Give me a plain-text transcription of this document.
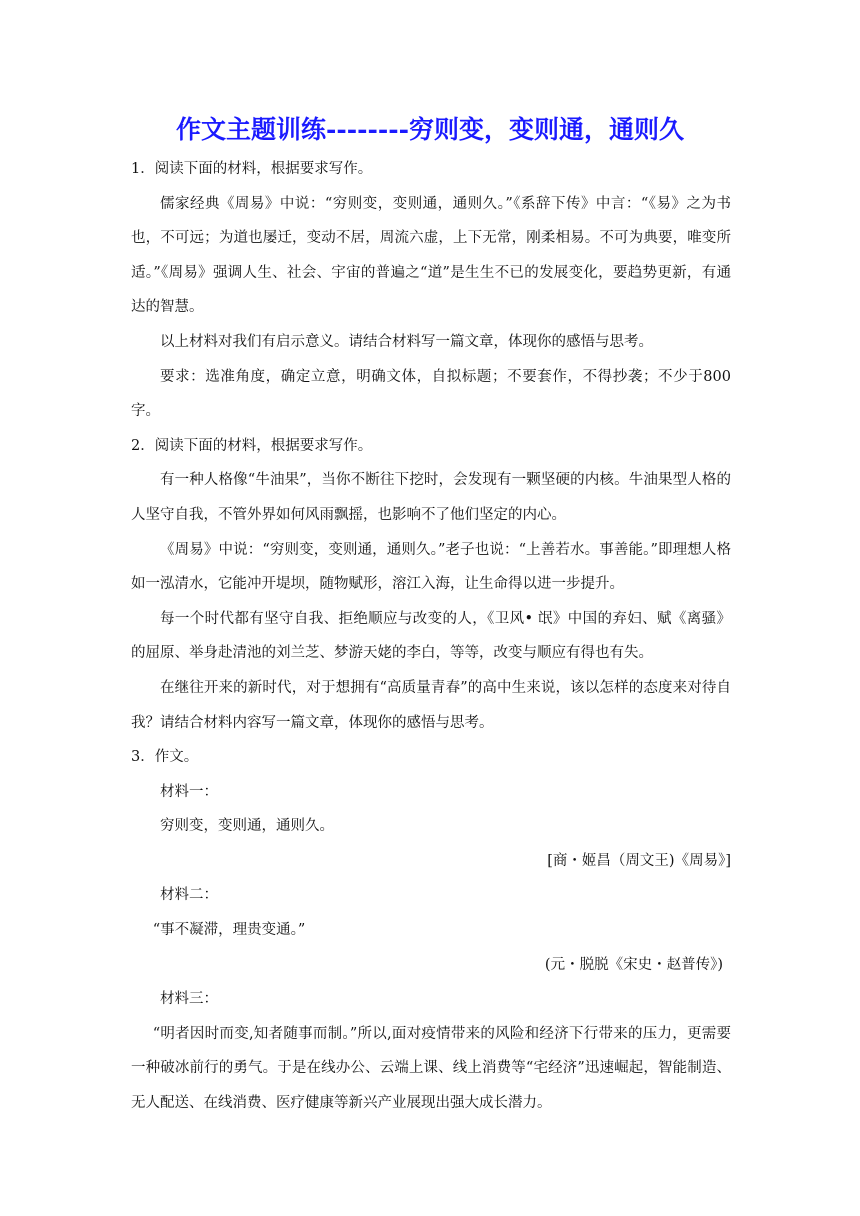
作文主题训练--------穷则变，变则通，通则久

1．阅读下面的材料，根据要求写作。

儒家经典《周易》中说：“穷则变，变则通，通则久。”《系辞下传》中言：“《易》之为书也，不可远；为道也屡迁，变动不居，周流六虚，上下无常，刚柔相易。不可为典要，唯变所适。”《周易》强调人生、社会、宇宙的普遍之“道”是生生不已的发展变化，要趋势更新，有通达的智慧。

以上材料对我们有启示意义。请结合材料写一篇文章，体现你的感悟与思考。

要求：选准角度，确定立意，明确文体，自拟标题；不要套作，不得抄袭；不少于800字。

2．阅读下面的材料，根据要求写作。

有一种人格像“牛油果”，当你不断往下挖时，会发现有一颗坚硬的内核。牛油果型人格的人坚守自我，不管外界如何风雨飘摇，也影响不了他们坚定的内心。

《周易》中说：“穷则变，变则通，通则久。”老子也说：“上善若水。事善能。”即理想人格如一泓清水，它能冲开堤坝，随物赋形，溶江入海，让生命得以进一步提升。

每一个时代都有坚守自我、拒绝顺应与改变的人，《卫风• 氓》中国的弃妇、赋《离骚》的屈原、举身赴清池的刘兰芝、梦游天姥的李白，等等，改变与顺应有得也有失。

在继往开来的新时代，对于想拥有“高质量青春”的高中生来说，该以怎样的态度来对待自我？请结合材料内容写一篇文章，体现你的感悟与思考。

3．作文。

材料一：

穷则变，变则通，通则久。

[商・姬昌（周文王)《周易》]

材料二：

“事不凝滞，理贵变通。”

(元・脱脱《宋史・赵普传》)

材料三：

“明者因时而变,知者随事而制。”所以,面对疫情带来的风险和经济下行带来的压力，更需要一种破冰前行的勇气。于是在线办公、云端上课、线上消费等“宅经济”迅速崛起，智能制造、无人配送、在线消费、医疗健康等新兴产业展现出强大成长潜力。
